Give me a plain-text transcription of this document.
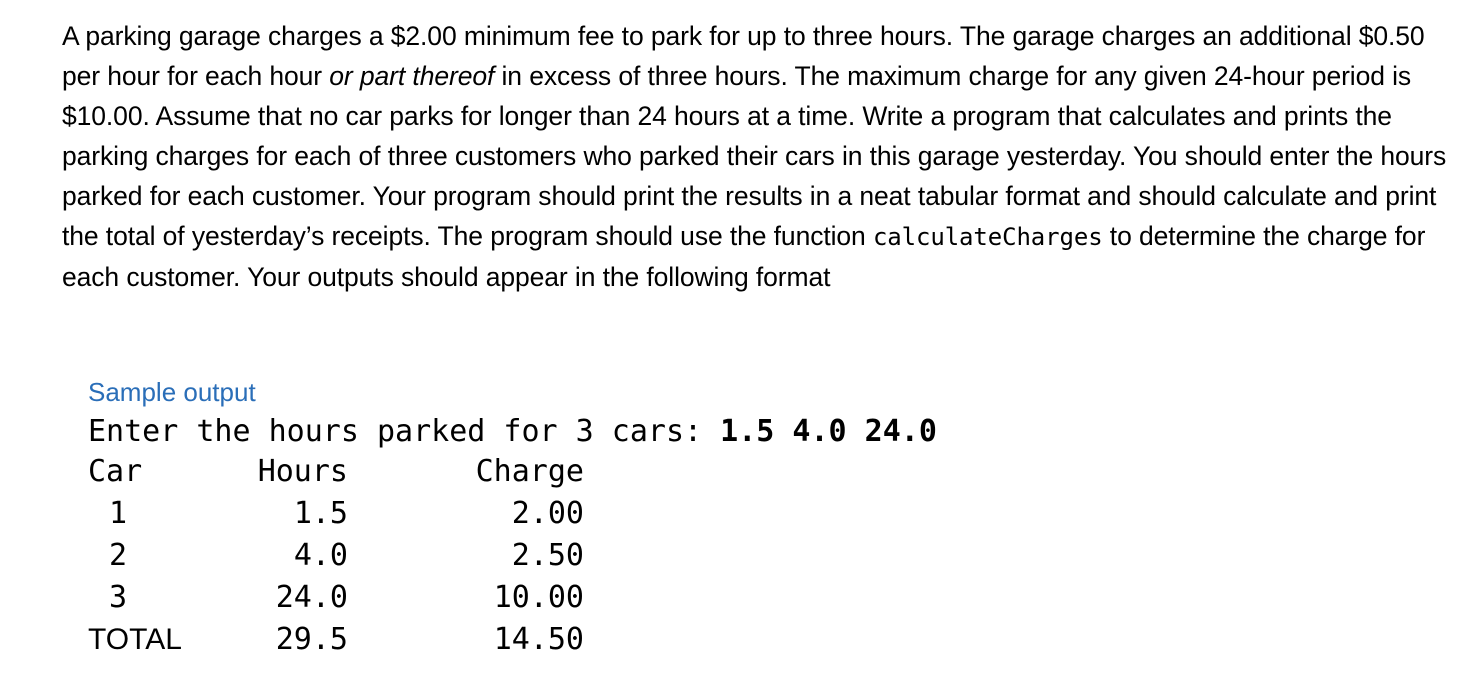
A parking garage charges a $2.00 minimum fee to park for up to three hours. The garage charges an additional $0.50 per hour for each hour or part thereof in excess of three hours. The maximum charge for any given 24-hour period is $10.00. Assume that no car parks for longer than 24 hours at a time. Write a program that calculates and prints the parking charges for each of three customers who parked their cars in this garage yesterday. You should enter the hours parked for each customer. Your program should print the results in a neat tabular format and should calculate and print the total of yesterday’s receipts. The program should use the function calculateCharges to determine the charge for each customer. Your outputs should appear in the following format

Sample output
Enter the hours parked for 3 cars: 1.5 4.0 24.0
Car	Hours	Charge
1	1.5	2.00
2	4.0	2.50
3	24.0	10.00
TOTAL	29.5	14.50
